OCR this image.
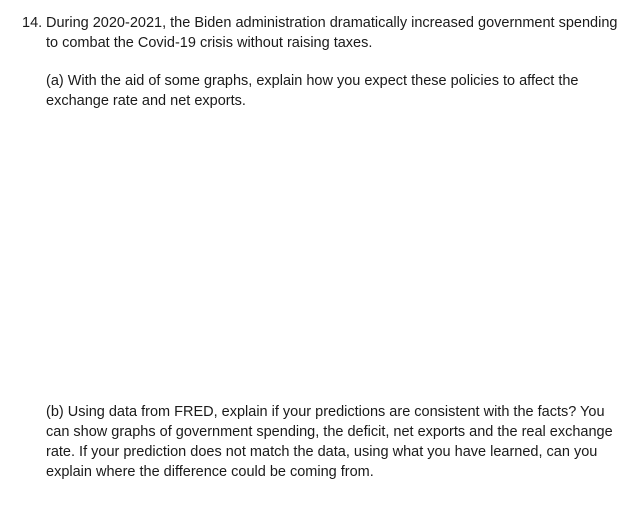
14. During 2020-2021, the Biden administration dramatically increased government spending to combat the Covid-19 crisis without raising taxes.
(a) With the aid of some graphs, explain how you expect these policies to affect the exchange rate and net exports.
(b) Using data from FRED, explain if your predictions are consistent with the facts? You can show graphs of government spending, the deficit, net exports and the real exchange rate. If your prediction does not match the data, using what you have learned, can you explain where the difference could be coming from.
